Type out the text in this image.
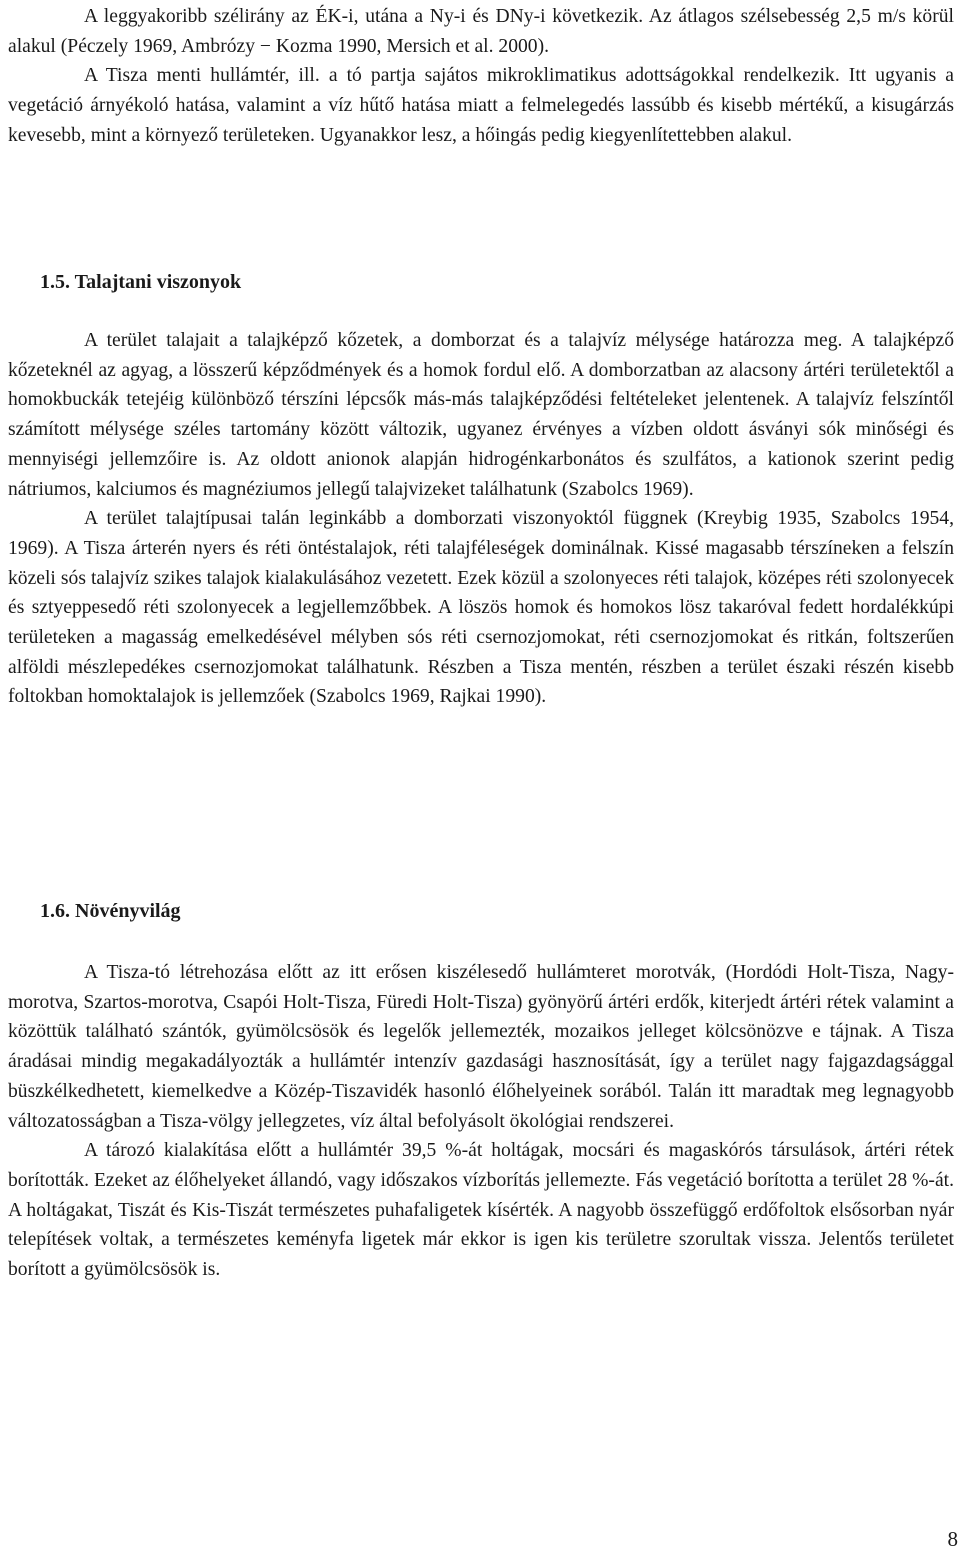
A leggyakoribb szélirány az ÉK-i, utána a Ny-i és DNy-i következik. Az átlagos szélsebesség 2,5 m/s körül alakul (Péczely 1969, Ambrózy − Kozma 1990, Mersich et al. 2000).

A Tisza menti hullámtér, ill. a tó partja sajátos mikroklimatikus adottságokkal rendelkezik. Itt ugyanis a vegetáció árnyékoló hatása, valamint a víz hűtő hatása miatt a felmelegedés lassúbb és kisebb mértékű, a kisugárzás kevesebb, mint a környező területeken. Ugyanakkor lesz, a hőingás pedig kiegyenlítettebben alakul.

1.5. Talajtani viszonyok

A terület talajait a talajképző kőzetek, a domborzat és a talajvíz mélysége határozza meg. A talajképző kőzeteknél az agyag, a lösszerű képződmények és a homok fordul elő. A domborzatban az alacsony ártéri területektől a homokbuckák tetejéig különböző térszíni lépcsők más-más talajképződési feltételeket jelentenek. A talajvíz felszíntől számított mélysége széles tartomány között változik, ugyanez érvényes a vízben oldott ásványi sók minőségi és mennyiségi jellemzőire is. Az oldott anionok alapján hidrogénkarbonátos és szulfátos, a kationok szerint pedig nátriumos, kalciumos és magnéziumos jellegű talajvizeket találhatunk (Szabolcs 1969).

A terület talajtípusai talán leginkább a domborzati viszonyoktól függnek (Kreybig 1935, Szabolcs 1954, 1969). A Tisza árterén nyers és réti öntéstalajok, réti talajféleségek dominálnak. Kissé magasabb térszíneken a felszín közeli sós talajvíz szikes talajok kialakulásához vezetett. Ezek közül a szolonyeces réti talajok, középes réti szolonyecek és sztyeppesedő réti szolonyecek a legjellemzőbbek. A löszös homok és homokos lösz takaróval fedett hordalékkúpi területeken a magasság emelkedésével mélyben sós réti csernozjomokat, réti csernozjomokat és ritkán, foltszerűen alföldi mészlepedékes csernozjomokat találhatunk. Részben a Tisza mentén, részben a terület északi részén kisebb foltokban homoktalajok is jellemzőek (Szabolcs 1969, Rajkai 1990).

1.6. Növényvilág

A Tisza-tó létrehozása előtt az itt erősen kiszélesedő hullámteret morotvák, (Hordódi Holt-Tisza, Nagy-morotva, Szartos-morotva, Csapói Holt-Tisza, Füredi Holt-Tisza) gyönyörű ártéri erdők, kiterjedt ártéri rétek valamint a közöttük található szántók, gyümölcsösök és legelők jellemezték, mozaikos jelleget kölcsönözve e tájnak. A Tisza áradásai mindig megakadályozták a hullámtér intenzív gazdasági hasznosítását, így a terület nagy fajgazdagsággal büszkélkedhetett, kiemelkedve a Közép-Tiszavidék hasonló élőhelyeinek sorából. Talán itt maradtak meg legnagyobb változatosságban a Tisza-völgy jellegzetes, víz által befolyásolt ökológiai rendszerei.

A tározó kialakítása előtt a hullámtér 39,5 %-át holtágak, mocsári és magaskórós társulások, ártéri rétek borították. Ezeket az élőhelyeket állandó, vagy időszakos vízborítás jellemezte. Fás vegetáció borította a terület 28 %-át. A holtágakat, Tiszát és Kis-Tiszát természetes puhafaligetek kísérték. A nagyobb összefüggő erdőfoltok elsősorban nyár telepítések voltak, a természetes keményfa ligetek már ekkor is igen kis területre szorultak vissza. Jelentős területet borított a gyümölcsösök is.

8
